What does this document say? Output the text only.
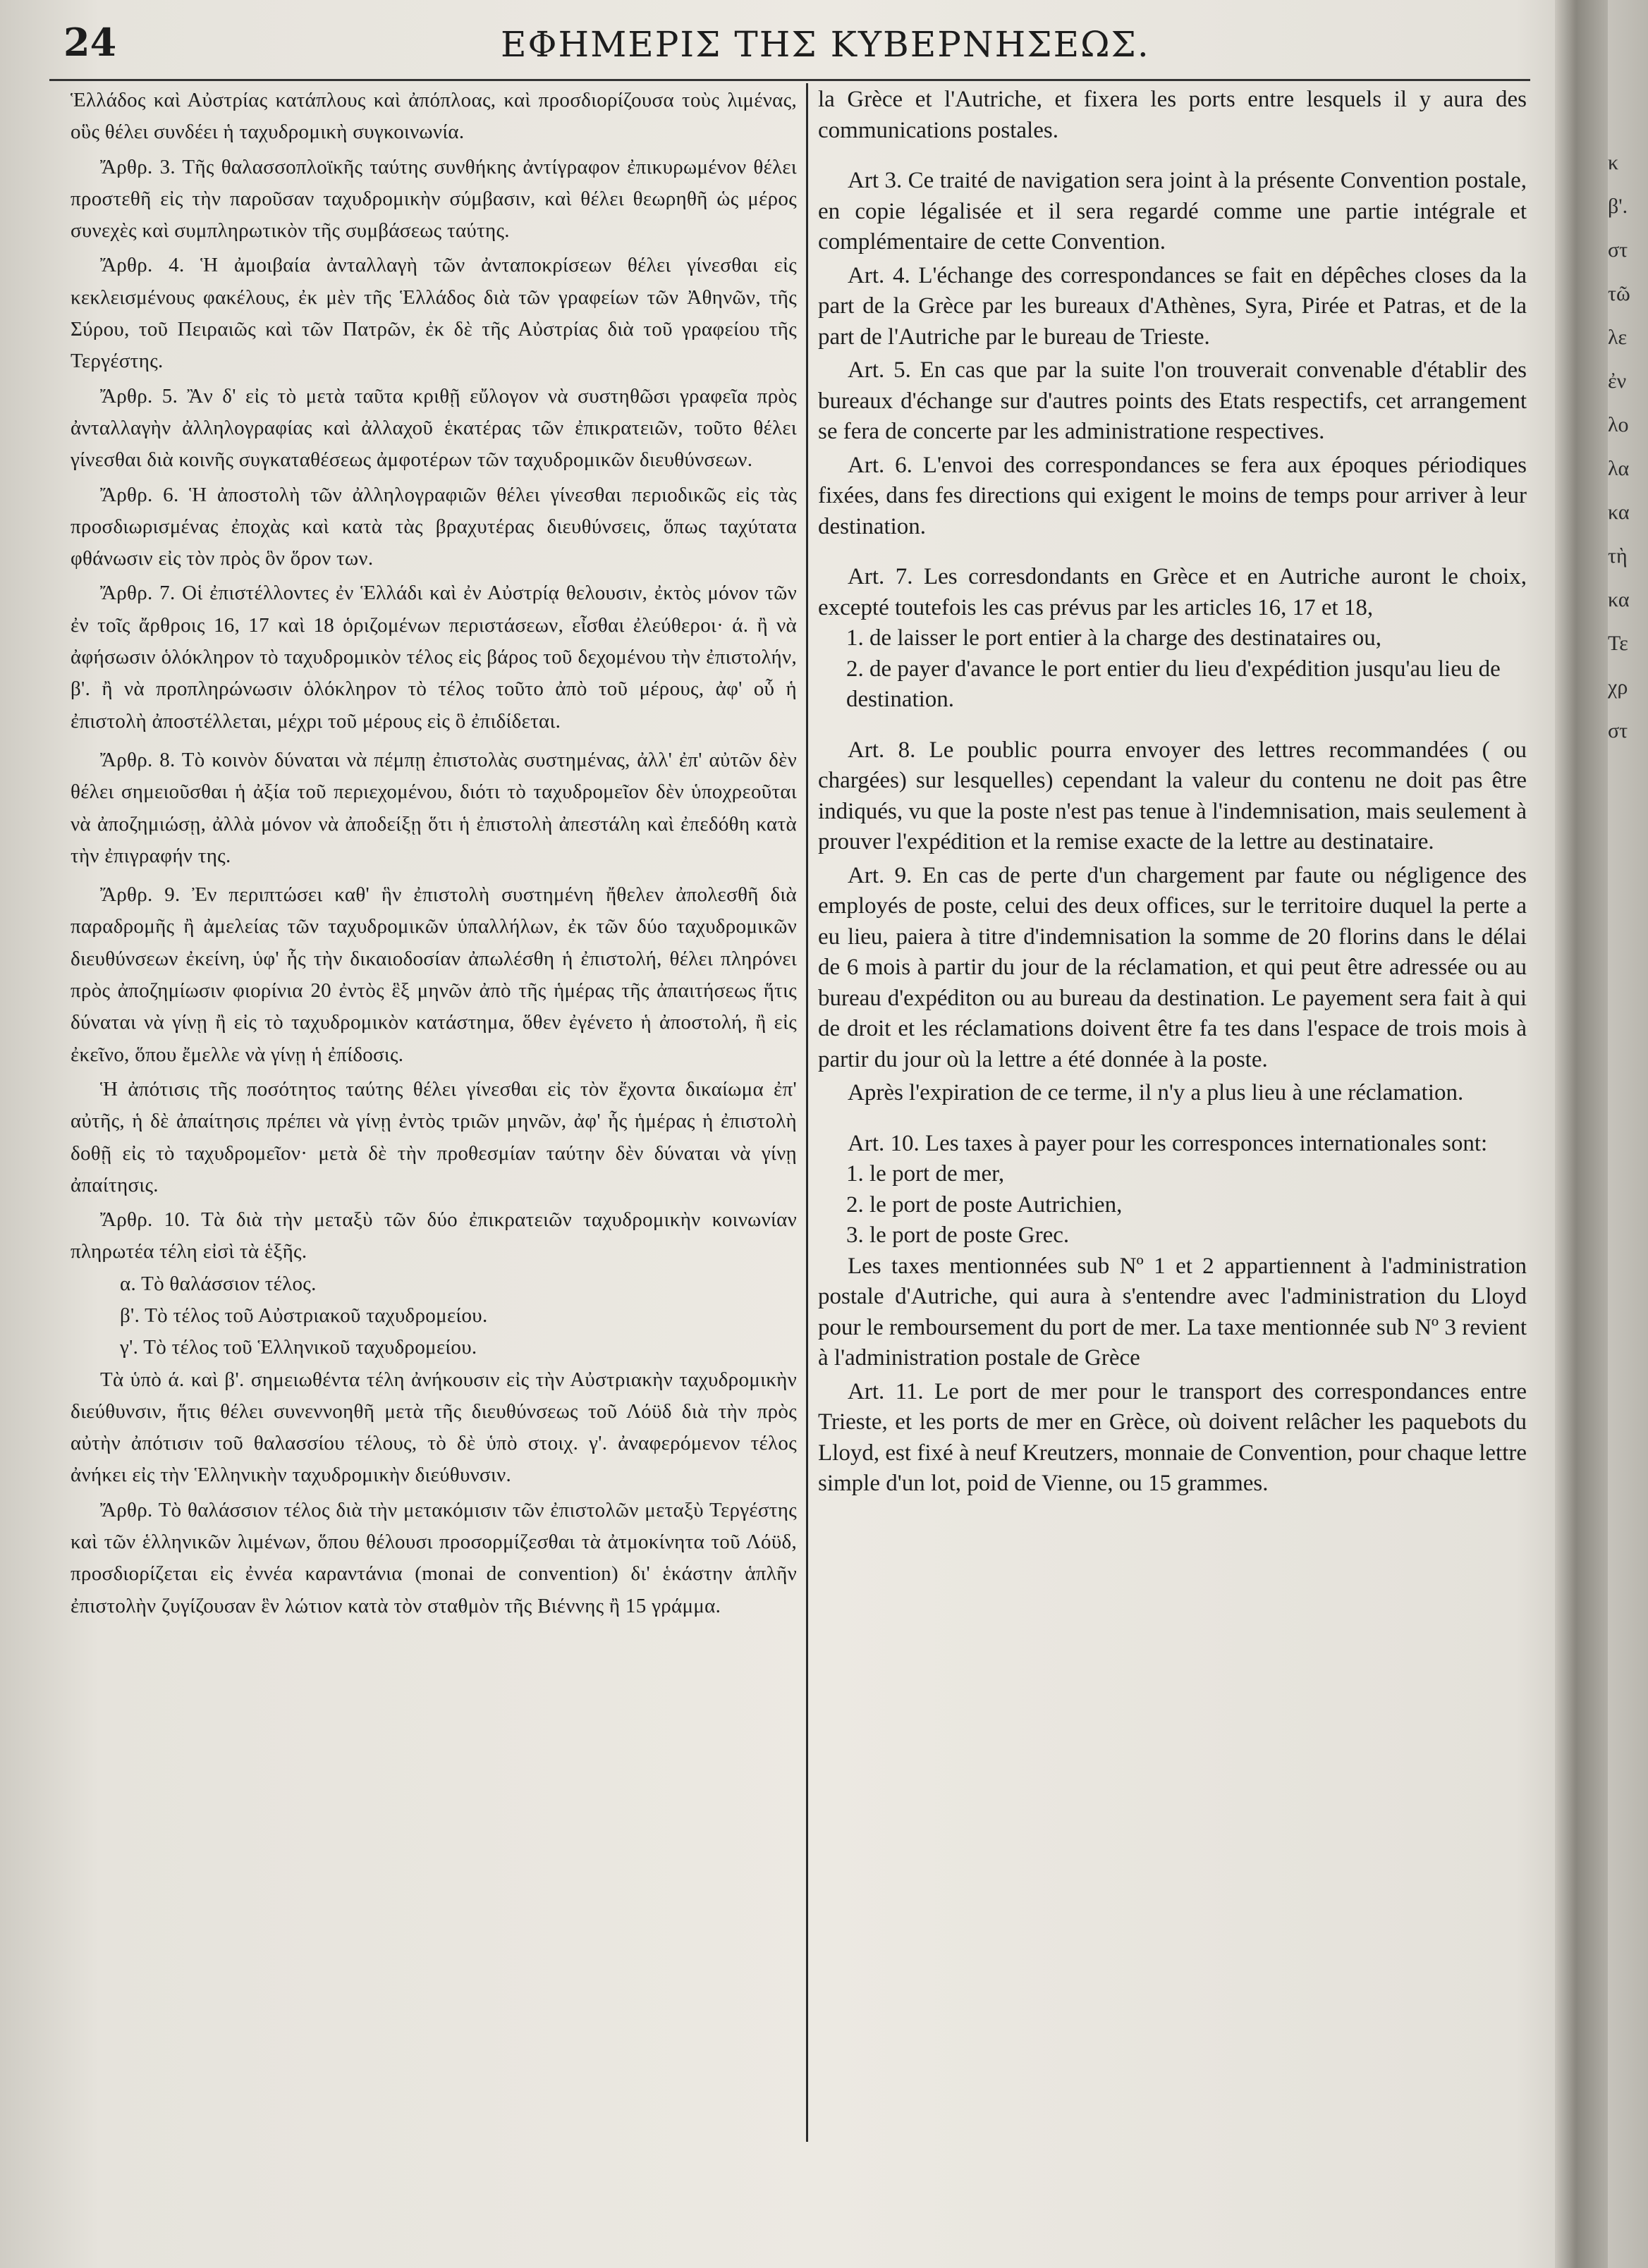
24	ΕΦΗΜΕΡΙΣ ΤΗΣ ΚΥΒΕΡΝΗΣΕΩΣ.

Ἑλλάδος καὶ Αὐστρίας κατάπλους καὶ ἀπόπλοας, καὶ προσδιορίζουσα τοὺς λιμένας, οὓς θέλει συνδέει ἡ ταχυδρομικὴ συγκοινωνία.

Ἄρθρ. 3. Τῆς θαλασσοπλοϊκῆς ταύτης συνθήκης ἀντίγραφον ἐπικυρωμένον θέλει προστεθῆ εἰς τὴν παροῦσαν ταχυδρομικὴν σύμβασιν, καὶ θέλει θεωρηθῆ ὡς μέρος συνεχὲς καὶ συμπληρωτικὸν τῆς συμβάσεως ταύτης.

Ἄρθρ. 4. Ἡ ἀμοιβαία ἀνταλλαγὴ τῶν ἀνταποκρίσεων θέλει γίνεσθαι εἰς κεκλεισμένους φακέλους, ἐκ μὲν τῆς Ἑλλάδος διὰ τῶν γραφείων τῶν Ἀθηνῶν, τῆς Σύρου, τοῦ Πειραιῶς καὶ τῶν Πατρῶν, ἐκ δὲ τῆς Αὐστρίας διὰ τοῦ γραφείου τῆς Τεργέστης.

Ἄρθρ. 5. Ἂν δ' εἰς τὸ μετὰ ταῦτα κριθῇ εὔλογον νὰ συστηθῶσι γραφεῖα πρὸς ἀνταλλαγὴν ἀλληλογραφίας καὶ ἀλλαχοῦ ἑκατέρας τῶν ἐπικρατειῶν, τοῦτο θέλει γίνεσθαι διὰ κοινῆς συγκαταθέσεως ἀμφοτέρων τῶν ταχυδρομικῶν διευθύνσεων.

Ἄρθρ. 6. Ἡ ἀποστολὴ τῶν ἀλληλογραφιῶν θέλει γίνεσθαι περιοδικῶς εἰς τὰς προσδιωρισμένας ἐποχὰς καὶ κατὰ τὰς βραχυτέρας διευθύνσεις, ὅπως ταχύτατα φθάνωσιν εἰς τὸν πρὸς ὃν ὅρον των.

Ἄρθρ. 7. Οἱ ἐπιστέλλοντες ἐν Ἑλλάδι καὶ ἐν Αὐστρίᾳ θελουσιν, ἐκτὸς μόνον τῶν ἐν τοῖς ἄρθροις 16, 17 καὶ 18 ὁριζομένων περιστάσεων, εἶσθαι ἐλεύθεροι· ά. ἢ νὰ ἀφήσωσιν ὁλόκληρον τὸ ταχυδρομικὸν τέλος εἰς βάρος τοῦ δεχομένου τὴν ἐπιστολήν, β'. ἢ νὰ προπληρώνωσιν ὁλόκληρον τὸ τέλος τοῦτο ἀπὸ τοῦ μέρους, ἀφ' οὗ ἡ ἐπιστολὴ ἀποστέλλεται, μέχρι τοῦ μέρους εἰς ὃ ἐπιδίδεται.

Ἄρθρ. 8. Τὸ κοινὸν δύναται νὰ πέμπῃ ἐπιστολὰς συστημένας, ἀλλ' ἐπ' αὐτῶν δὲν θέλει σημειοῦσθαι ἡ ἀξία τοῦ περιεχομένου, διότι τὸ ταχυδρομεῖον δὲν ὑποχρεοῦται νὰ ἀποζημιώσῃ, ἀλλὰ μόνον νὰ ἀποδείξῃ ὅτι ἡ ἐπιστολὴ ἀπεστάλη καὶ ἐπεδόθη κατὰ τὴν ἐπιγραφήν της.

Ἄρθρ. 9. Ἐν περιπτώσει καθ' ἣν ἐπιστολὴ συστημένη ἤθελεν ἀπολεσθῆ διὰ παραδρομῆς ἢ ἀμελείας τῶν ταχυδρομικῶν ὑπαλλήλων, ἐκ τῶν δύο ταχυδρομικῶν διευθύνσεων ἐκείνη, ὑφ' ἧς τὴν δικαιοδοσίαν ἀπωλέσθη ἡ ἐπιστολή, θέλει πληρόνει πρὸς ἀποζημίωσιν φιορίνια 20 ἐντὸς ἓξ μηνῶν ἀπὸ τῆς ἡμέρας τῆς ἀπαιτήσεως ἥτις δύναται νὰ γίνῃ ἢ εἰς τὸ ταχυδρομικὸν κατάστημα, ὅθεν ἐγένετο ἡ ἀποστολή, ἢ εἰς ἐκεῖνο, ὅπου ἔμελλε νὰ γίνῃ ἡ ἐπίδοσις.

Ἡ ἀπότισις τῆς ποσότητος ταύτης θέλει γίνεσθαι εἰς τὸν ἔχοντα δικαίωμα ἐπ' αὐτῆς, ἡ δὲ ἀπαίτησις πρέπει νὰ γίνῃ ἐντὸς τριῶν μηνῶν, ἀφ' ἧς ἡμέρας ἡ ἐπιστολὴ δοθῇ εἰς τὸ ταχυδρομεῖον· μετὰ δὲ τὴν προθεσμίαν ταύτην δὲν δύναται νὰ γίνῃ ἀπαίτησις.

Ἄρθρ. 10. Τὰ διὰ τὴν μεταξὺ τῶν δύο ἐπικρατειῶν ταχυδρομικὴν κοινωνίαν πληρωτέα τέλη εἰσὶ τὰ ἑξῆς.

α. Τὸ θαλάσσιον τέλος.

β'. Τὸ τέλος τοῦ Αὐστριακοῦ ταχυδρομείου.

γ'. Τὸ τέλος τοῦ Ἑλληνικοῦ ταχυδρομείου.

Τὰ ὑπὸ ά. καὶ β'. σημειωθέντα τέλη ἀνήκουσιν εἰς τὴν Αὐστριακὴν ταχυδρομικὴν διεύθυνσιν, ἥτις θέλει συνεννοηθῆ μετὰ τῆς διευθύνσεως τοῦ Λόϋδ διὰ τὴν πρὸς αὐτὴν ἀπότισιν τοῦ θαλασσίου τέλους, τὸ δὲ ὑπὸ στοιχ. γ'. ἀναφερόμενον τέλος ἀνήκει εἰς τὴν Ἑλληνικὴν ταχυδρομικὴν διεύθυνσιν.

Ἄρθρ. Τὸ θαλάσσιον τέλος διὰ τὴν μετακόμισιν τῶν ἐπιστολῶν μεταξὺ Τεργέστης καὶ τῶν ἑλληνικῶν λιμένων, ὅπου θέλουσι προσορμίζεσθαι τὰ ἀτμοκίνητα τοῦ Λόϋδ, προσδιορίζεται εἰς ἐννέα καραντάνια (monai de convention) δι' ἑκάστην ἁπλῆν ἐπιστολὴν ζυγίζουσαν ἓν λώτιον κατὰ τὸν σταθμὸν τῆς Βιέννης ἢ 15 γράμμα.

la Grèce et l'Autriche, et fixera les ports entre lesquels il y aura des communications postales.

Art 3. Ce traité de navigation sera joint à la présente Convention postale, en copie légalisée et il sera regardé comme une partie intégrale et complémentaire de cette Convention.

Art. 4. L'échange des correspondances se fait en dépêches closes da la part de la Grèce par les bureaux d'Athènes, Syra, Pirée et Patras, et de la part de l'Autriche par le bureau de Trieste.

Art. 5. En cas que par la suite l'on trouverait convenable d'établir des bureaux d'échange sur d'autres points des Etats respectifs, cet arrangement se fera de concerte par les administratione respectives.

Art. 6. L'envoi des correspondances se fera aux époques périodiques fixées, dans fes directions qui exigent le moins de temps pour arriver à leur destination.

Art. 7. Les corresdondants en Grèce et en Autriche auront le choix, excepté toutefois les cas prévus par les articles 16, 17 et 18,

1. de laisser le port entier à la charge des destinataires ou,

2. de payer d'avance le port entier du lieu d'expédition jusqu'au lieu de destination.

Art. 8. Le poublic pourra envoyer des lettres recommandées ( ou chargées) sur lesquelles) cependant la valeur du contenu ne doit pas être indiqués, vu que la poste n'est pas tenue à l'indemnisation, mais seulement à prouver l'expédition et la remise exacte de la lettre au destinataire.

Art. 9. En cas de perte d'un chargement par faute ou négligence des employés de poste, celui des deux offices, sur le territoire duquel la perte a eu lieu, paiera à titre d'indemnisation la somme de 20 florins dans le délai de 6 mois à partir du jour de la réclamation, et qui peut être adressée ou au bureau d'expéditon ou au bureau da destination. Le payement sera fait à qui de droit et les réclamations doivent être fa tes dans l'espace de trois mois à partir du jour où la lettre a été donnée à la poste.

Après l'expiration de ce terme, il n'y a plus lieu à une réclamation.

Art. 10. Les taxes à payer pour les corresponces internationales sont:

1. le port de mer,

2. le port de poste Autrichien,

3. le port de poste Grec.

Les taxes mentionnées sub Nº 1 et 2 appartiennent à l'administration postale d'Autriche, qui aura à s'entendre avec l'administration du Lloyd pour le remboursement du port de mer. La taxe mentionnée sub Nº 3 revient à l'administration postale de Grèce

Art. 11. Le port de mer pour le transport des correspondances entre Trieste, et les ports de mer en Grèce, où doivent relâcher les paquebots du Lloyd, est fixé à neuf Kreutzers, monnaie de Convention, pour chaque lettre simple d'un lot, poid de Vienne, ou 15 grammes.

κ
β'.
στ
τῶ
λε
ἐν
λο
λα
κα
τὴ
κα
Τε
χρ
στ
